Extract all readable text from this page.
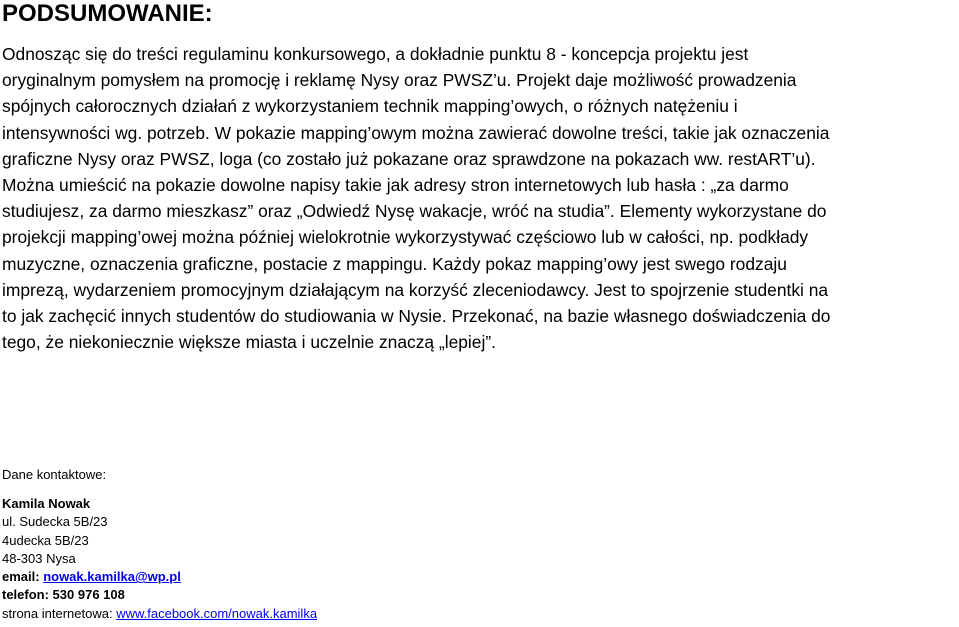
PODSUMOWANIE:
Odnosząc się do treści regulaminu konkursowego, a dokładnie punktu 8 - koncepcja projektu jest
oryginalnym pomysłem na promocję i reklamę Nysy oraz PWSZ’u. Projekt daje możliwość prowadzenia
spójnych całorocznych działań z wykorzystaniem technik mapping’owych, o różnych natężeniu i
intensywności wg. potrzeb. W pokazie mapping’owym można zawierać dowolne treści, takie jak oznaczenia
graficzne Nysy oraz PWSZ, loga (co zostało już pokazane oraz sprawdzone na pokazach ww. restART’u).
Można umieścić na pokazie dowolne napisy takie jak adresy stron internetowych lub hasła : „za darmo
studiujesz, za darmo mieszkasz” oraz „Odwiedź Nysę wakacje, wróć na studia”. Elementy wykorzystane do
projekcji mapping’owej można później wielokrotnie wykorzystywać częściowo lub w całości, np. podkłady
muzyczne, oznaczenia graficzne, postacie z mappingu. Każdy pokaz mapping’owy jest swego rodzaju
imprezą, wydarzeniem promocyjnym działającym na korzyść zleceniodawcy. Jest to spojrzenie studentki na
to jak zachęcić innych studentów do studiowania w Nysie. Przekonać, na bazie własnego doświadczenia do
tego, że niekoniecznie większe miasta i uczelnie znaczą „lepiej”.
Dane kontaktowe:
Kamila Nowak
ul. Sudecka 5B/23
4udecka 5B/23
48-303 Nysa
email: nowak.kamilka@wp.pl
telefon: 530 976 108
strona internetowa: www.facebook.com/nowak.kamilka
